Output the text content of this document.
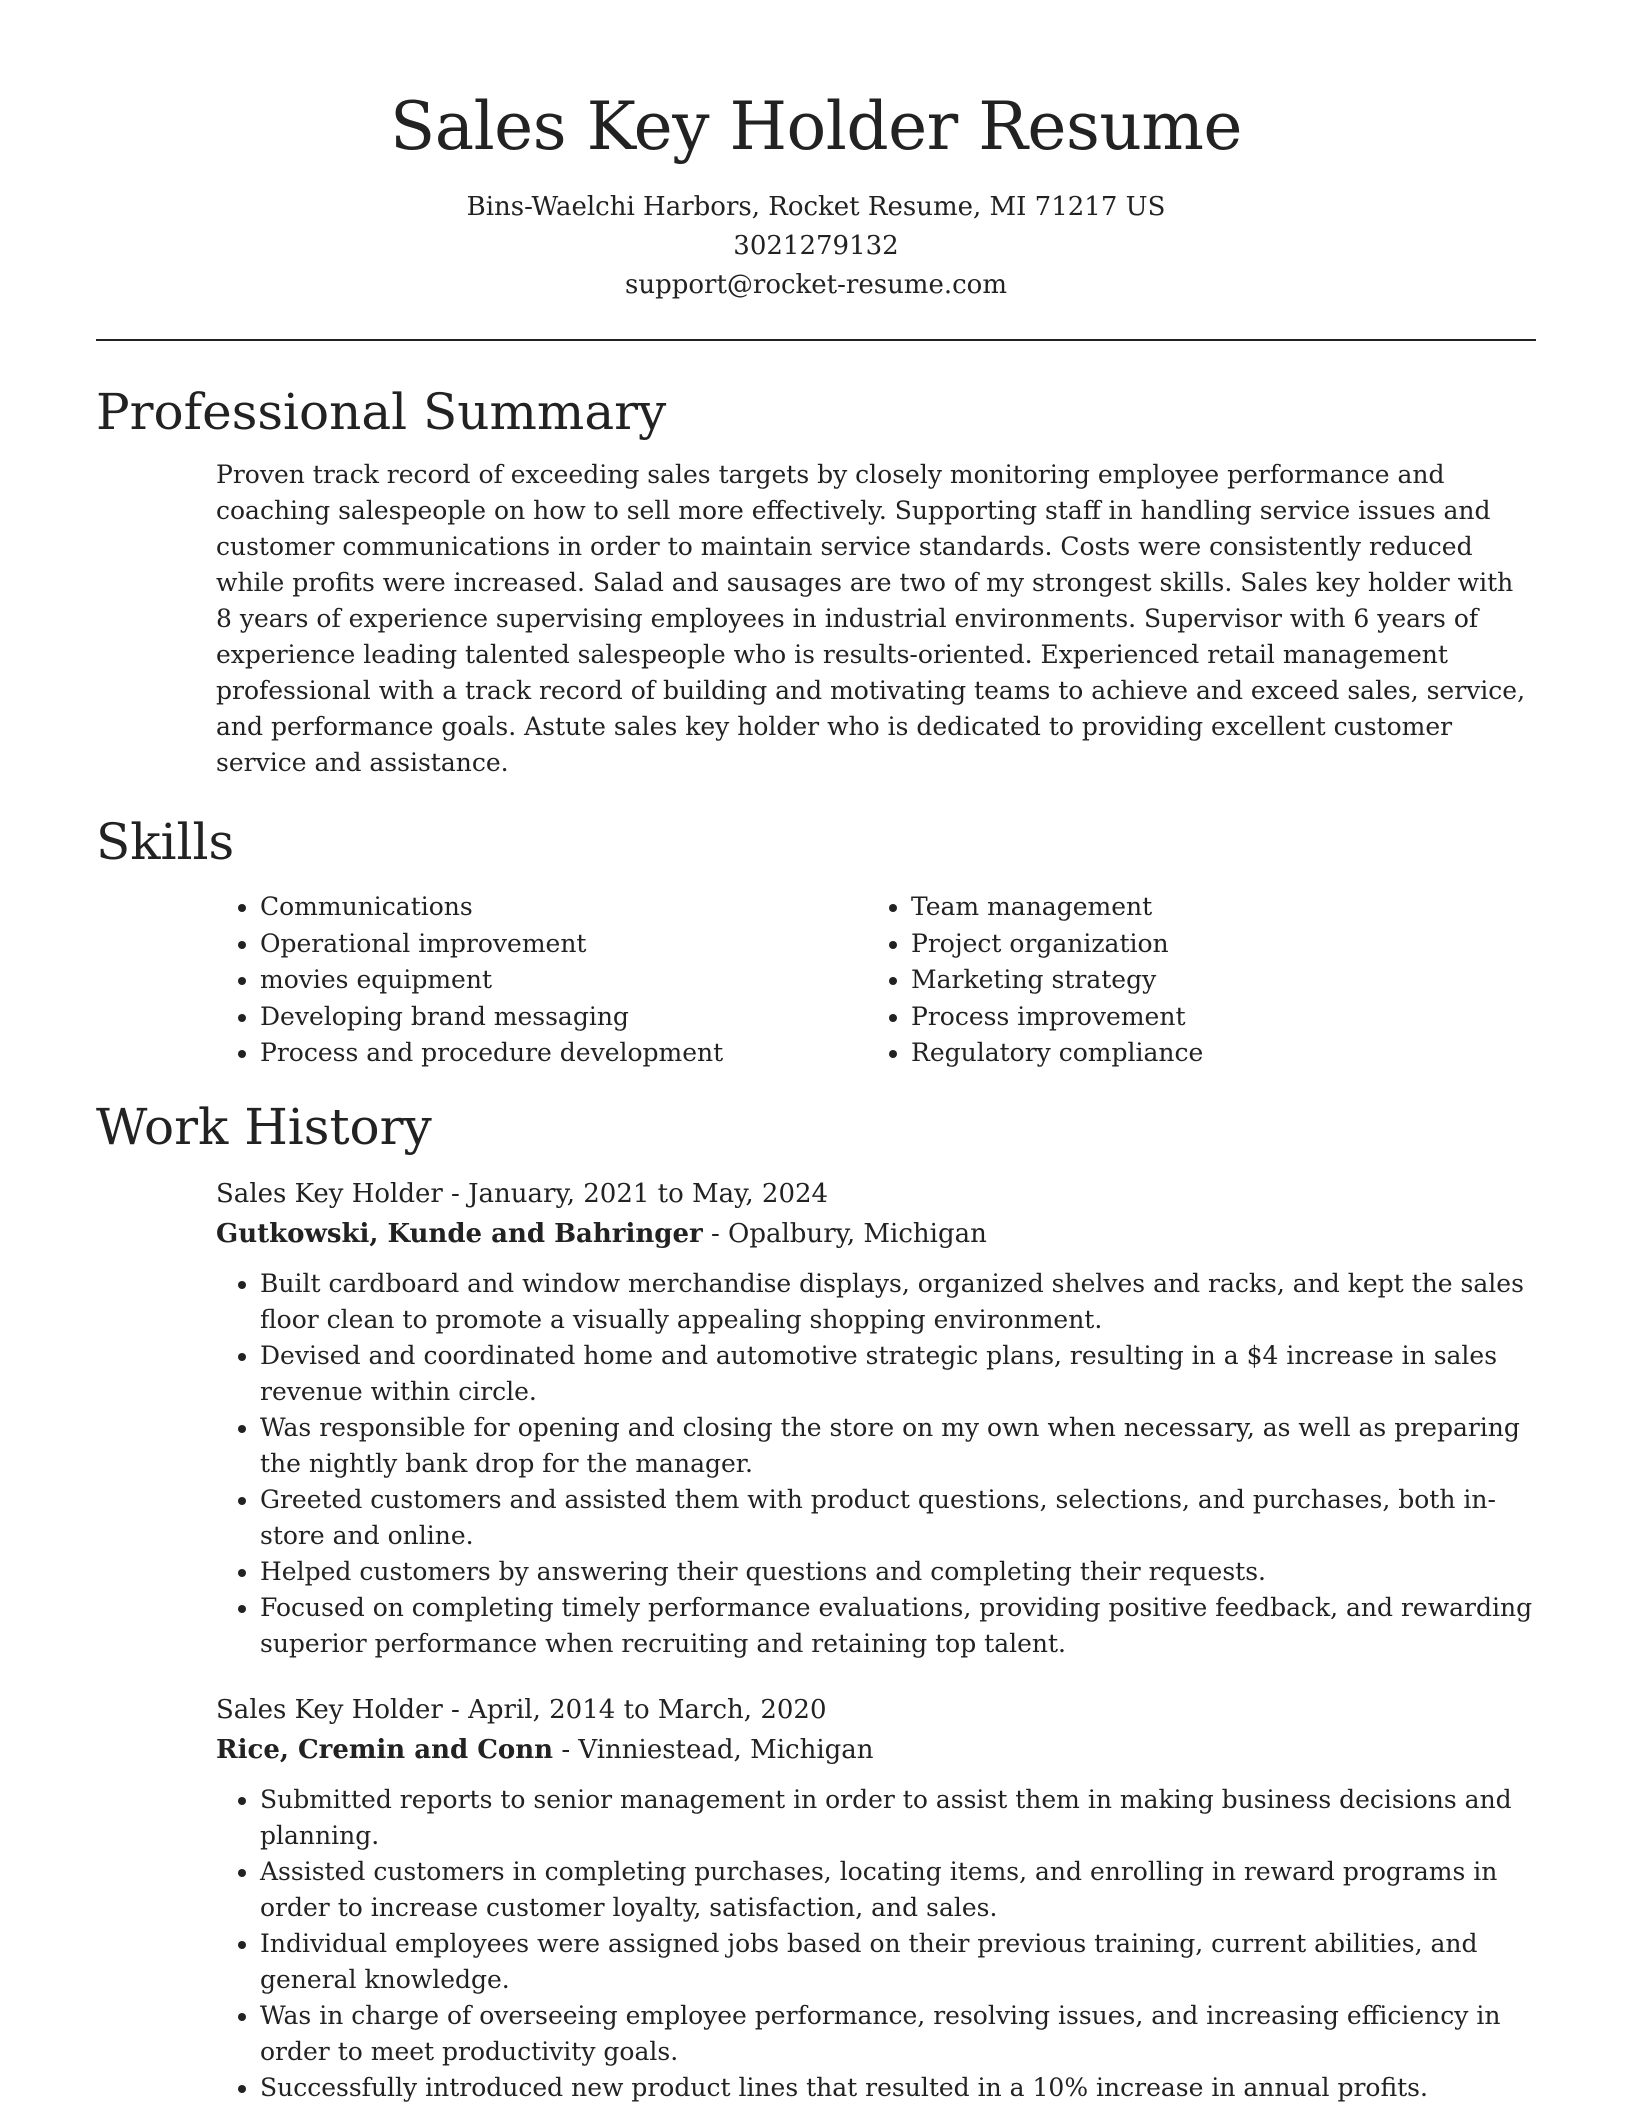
Sales Key Holder Resume
Bins-Waelchi Harbors, Rocket Resume, MI 71217 US
3021279132
support@rocket-resume.com
Professional Summary

Proven track record of exceeding sales targets by closely monitoring employee performance and coaching salespeople on how to sell more effectively. Supporting staff in handling service issues and customer communications in order to maintain service standards. Costs were consistently reduced while profits were increased. Salad and sausages are two of my strongest skills. Sales key holder with 8 years of experience supervising employees in industrial environments. Supervisor with 6 years of experience leading talented salespeople who is results-oriented. Experienced retail management professional with a track record of building and motivating teams to achieve and exceed sales, service, and performance goals. Astute sales key holder who is dedicated to providing excellent customer service and assistance.

Skills
• Communications
• Operational improvement
• movies equipment
• Developing brand messaging
• Process and procedure development
• Team management
• Project organization
• Marketing strategy
• Process improvement
• Regulatory compliance
Work History
Sales Key Holder - January, 2021 to May, 2024
Gutkowski, Kunde and Bahringer - Opalbury, Michigan
• Built cardboard and window merchandise displays, organized shelves and racks, and kept the sales floor clean to promote a visually appealing shopping environment.
• Devised and coordinated home and automotive strategic plans, resulting in a $4 increase in sales revenue within circle.
• Was responsible for opening and closing the store on my own when necessary, as well as preparing the nightly bank drop for the manager.
• Greeted customers and assisted them with product questions, selections, and purchases, both in-store and online.
• Helped customers by answering their questions and completing their requests.
• Focused on completing timely performance evaluations, providing positive feedback, and rewarding superior performance when recruiting and retaining top talent.
Sales Key Holder - April, 2014 to March, 2020
Rice, Cremin and Conn - Vinniestead, Michigan
• Submitted reports to senior management in order to assist them in making business decisions and planning.
• Assisted customers in completing purchases, locating items, and enrolling in reward programs in order to increase customer loyalty, satisfaction, and sales.
• Individual employees were assigned jobs based on their previous training, current abilities, and general knowledge.
• Was in charge of overseeing employee performance, resolving issues, and increasing efficiency in order to meet productivity goals.
• Successfully introduced new product lines that resulted in a 10% increase in annual profits.
